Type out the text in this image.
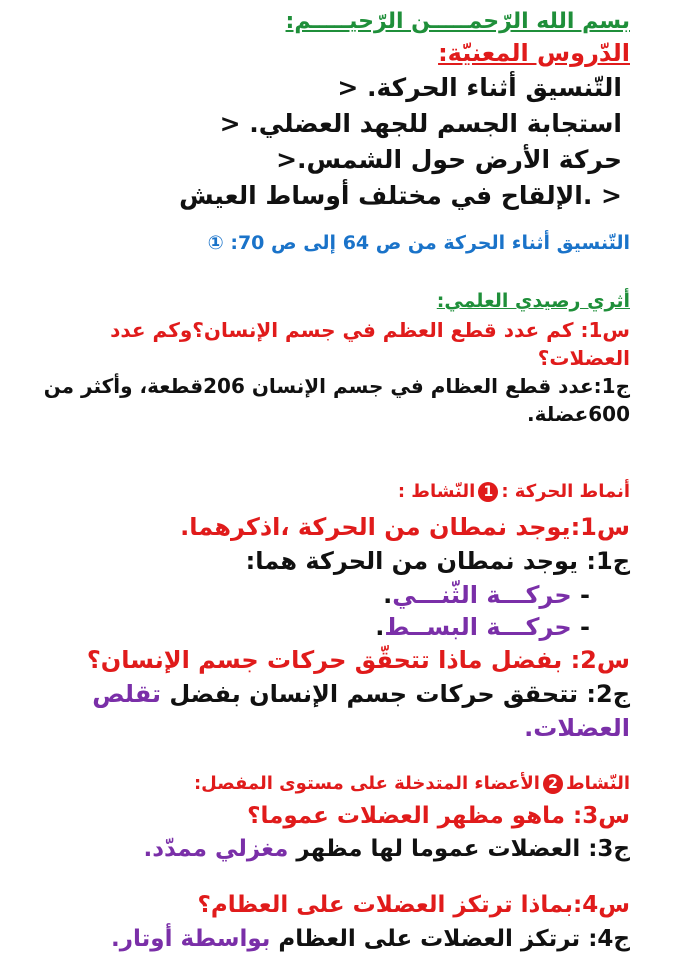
بسم الله الرّحمـــــن الرّحيـــــم:
الدّروس المعنيّة:
التّنسيق أثناء الحركة. <
استجابة الجسم للجهد العضلي. <
حركة الأرض حول الشمس.<
< .الإلقاح في مختلف أوساط العيش
التّنسيق أثناء الحركة من ص 64 إلى ص 70: ①
أثري رصيدي العلمي:
س1: كم عدد قطع العظم في جسم الإنسان؟وكم عدد
العضلات؟
ج1:عدد قطع العظام في جسم الإنسان 206قطعة، وأكثر من
600عضلة.
أنماط الحركة :1النّشاط :
س1:يوجد نمطان من الحركة ،اذكرهما.
ج1: يوجد نمطان من الحركة هما:
- حركـــة الثّنـــي.
- حركـــة البســط.
س2: بفضل ماذا تتحقّق حركات جسم الإنسان؟
ج2: تتحقق حركات جسم الإنسان بفضل تقلص
العضلات.
النّشاط2الأعضاء المتدخلة على مستوى المفصل:
س3: ماهو مظهر العضلات عموما؟
ج3: العضلات عموما لها مظهر مغزلي ممدّد.
س4:بماذا ترتكز العضلات على العظام؟
ج4: ترتكز العضلات على العظام بواسطة أوتار.
